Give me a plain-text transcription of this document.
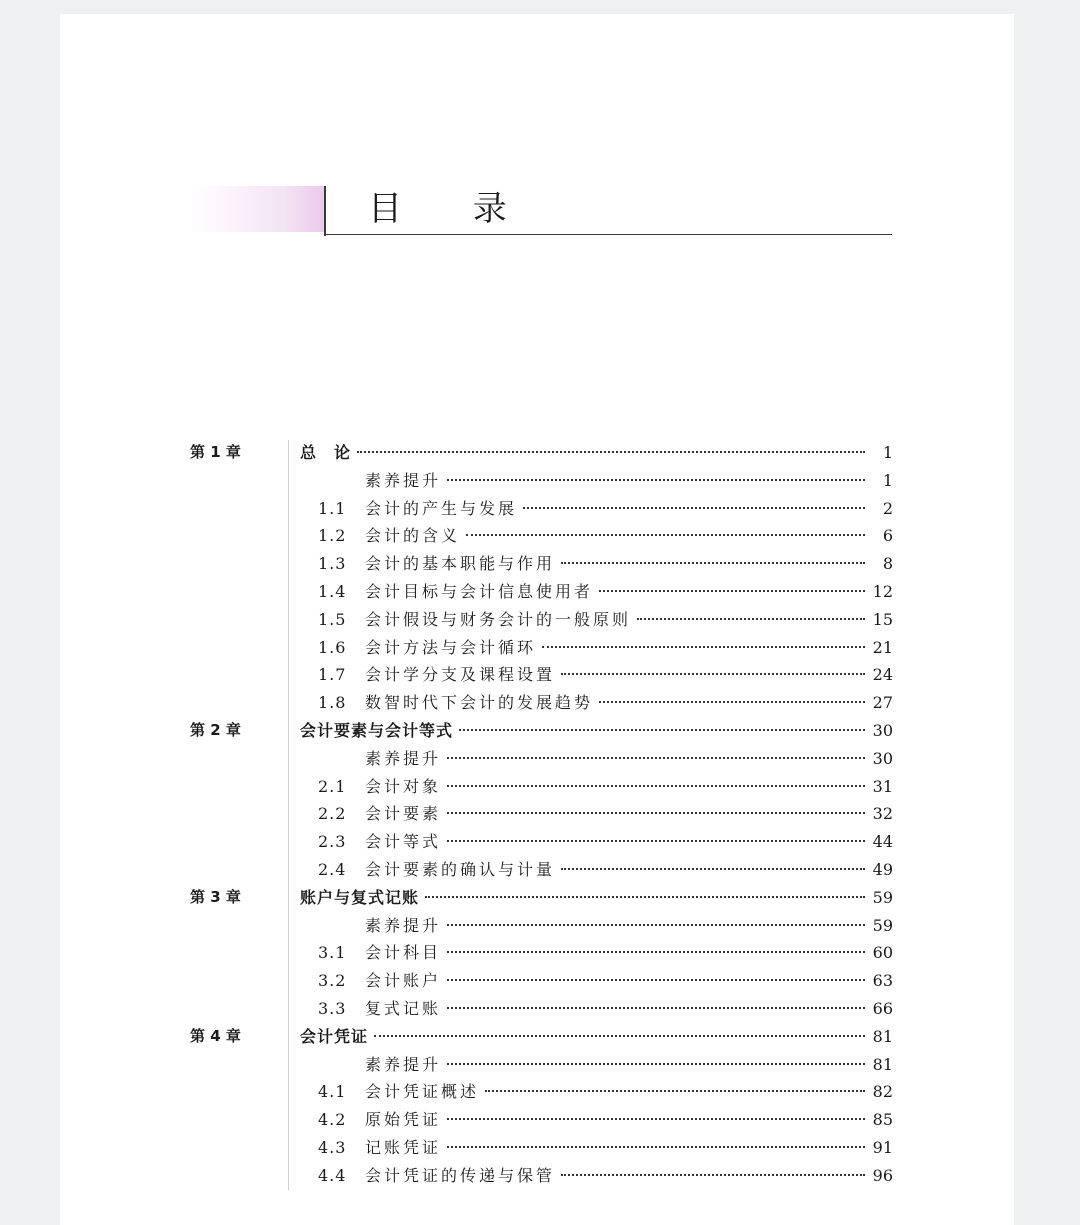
目 录
第 1 章	总　论	1
素养提升	1
1.1	会计的产生与发展	2
1.2	会计的含义	6
1.3	会计的基本职能与作用	8
1.4	会计目标与会计信息使用者	12
1.5	会计假设与财务会计的一般原则	15
1.6	会计方法与会计循环	21
1.7	会计学分支及课程设置	24
1.8	数智时代下会计的发展趋势	27
第 2 章	会计要素与会计等式	30
素养提升	30
2.1	会计对象	31
2.2	会计要素	32
2.3	会计等式	44
2.4	会计要素的确认与计量	49
第 3 章	账户与复式记账	59
素养提升	59
3.1	会计科目	60
3.2	会计账户	63
3.3	复式记账	66
第 4 章	会计凭证	81
素养提升	81
4.1	会计凭证概述	82
4.2	原始凭证	85
4.3	记账凭证	91
4.4	会计凭证的传递与保管	96
